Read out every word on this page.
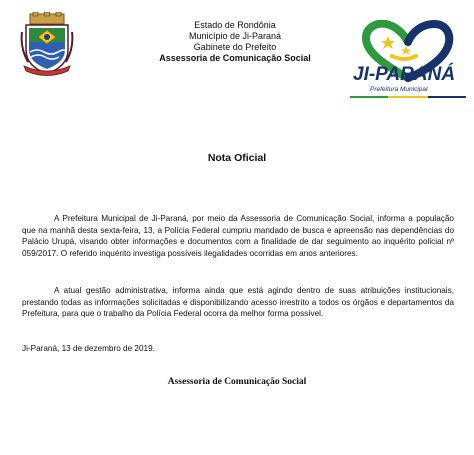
Estado de Rondônia
Município de Ji-Paraná
Gabinete do Prefeito
Assessoria de Comunicação Social
JI-PARANÁ
Prefeitura Municipal
Nota Oficial

A Prefeitura Municipal de Ji-Paraná, por meio da Assessoria de Comunicação Social, informa a população que na manhã desta sexta-feira, 13, a Polícia Federal cumpriu mandado de busca e apreensão nas dependências do Palácio Urupá, visando obter informações e documentos com a finalidade de dar seguimento ao inquérito policial nº 059/2017. O referido inquérito investiga possíveis ilegalidades ocorridas em anos anteriores.

A atual gestão administrativa, informa ainda que está agindo dentro de suas atribuições institucionais, prestando todas as informações solicitadas e disponibilizando acesso irrestrito a todos os órgãos e departamentos da Prefeitura, para que o trabalho da Polícia Federal ocorra da melhor forma possível.

Ji-Paraná, 13 de dezembro de 2019.
Assessoria de Comunicação Social
